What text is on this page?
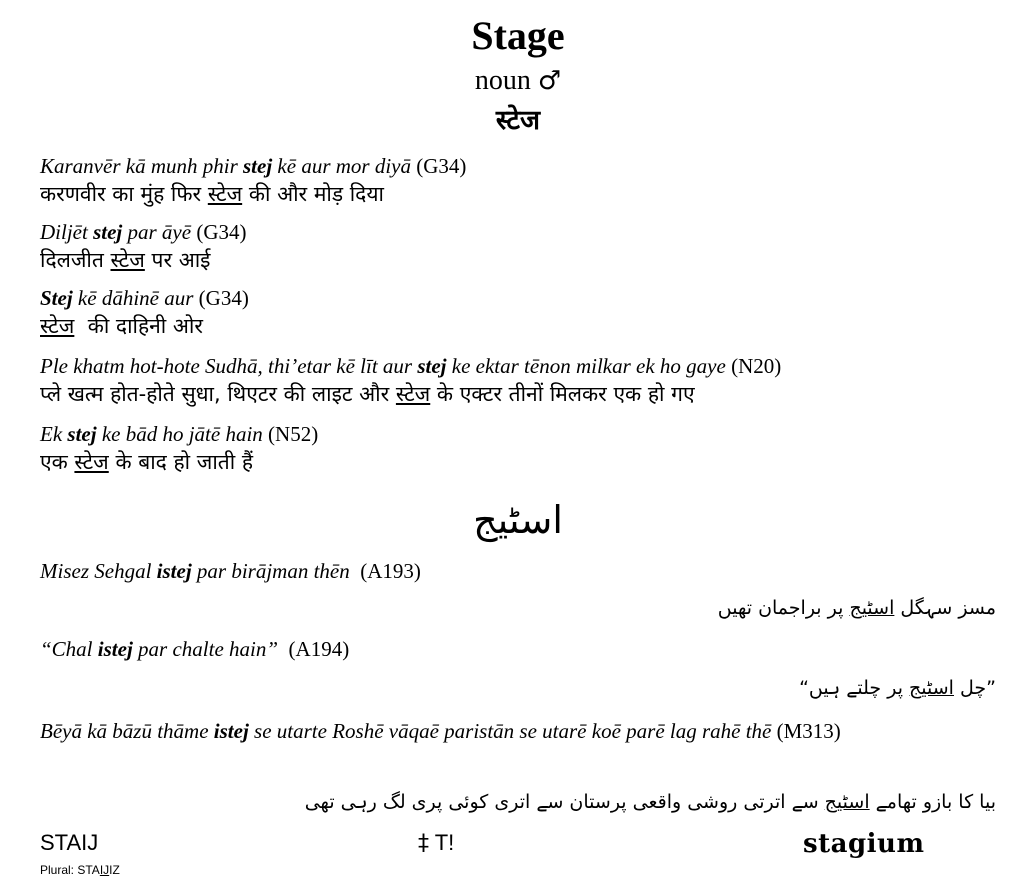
Stage
noun ♂
स्टेज
Karanvēr kā munh phir stej kē aur mor diyā (G34)
करणवीर का मुंह फिर स्टेज की और मोड़ दिया
Diljēt stej par āyē (G34)
दिलजीत स्टेज पर आई
Stej kē dāhinē aur (G34)
स्टेज  की दाहिनी ओर
Ple khatm hot-hote Sudhā, thi’etar kē līt aur stej ke ektar tēnon milkar ek ho gaye (N20)
प्ले खत्म होत-होते सुधा, थिएटर की लाइट और स्टेज के एक्टर तीनों मिलकर एक हो गए
Ek stej ke bād ho jātē hain (N52)
एक स्टेज के बाद हो जाती हैं
اسٹیج
Misez Sehgal istej par birājman thēn  (A193)
مسز سہگل اسٹیج پر براجمان تھیں
“Chal istej par chalte hain”  (A194)
”چل اسٹیج پر چلتے ہیں“
Bēyā kā bāzū thāme istej se utarte Roshē vāqaē paristān se utarē koē parē lag rahē thē (M313)
بیا کا بازو تھامے اسٹیج سے اترتی روشی واقعی پرستان سے اتری کوئی پری لگ رہی تھی
STAIJ
Plural: STAIJIZ
‡ T!	stagium
